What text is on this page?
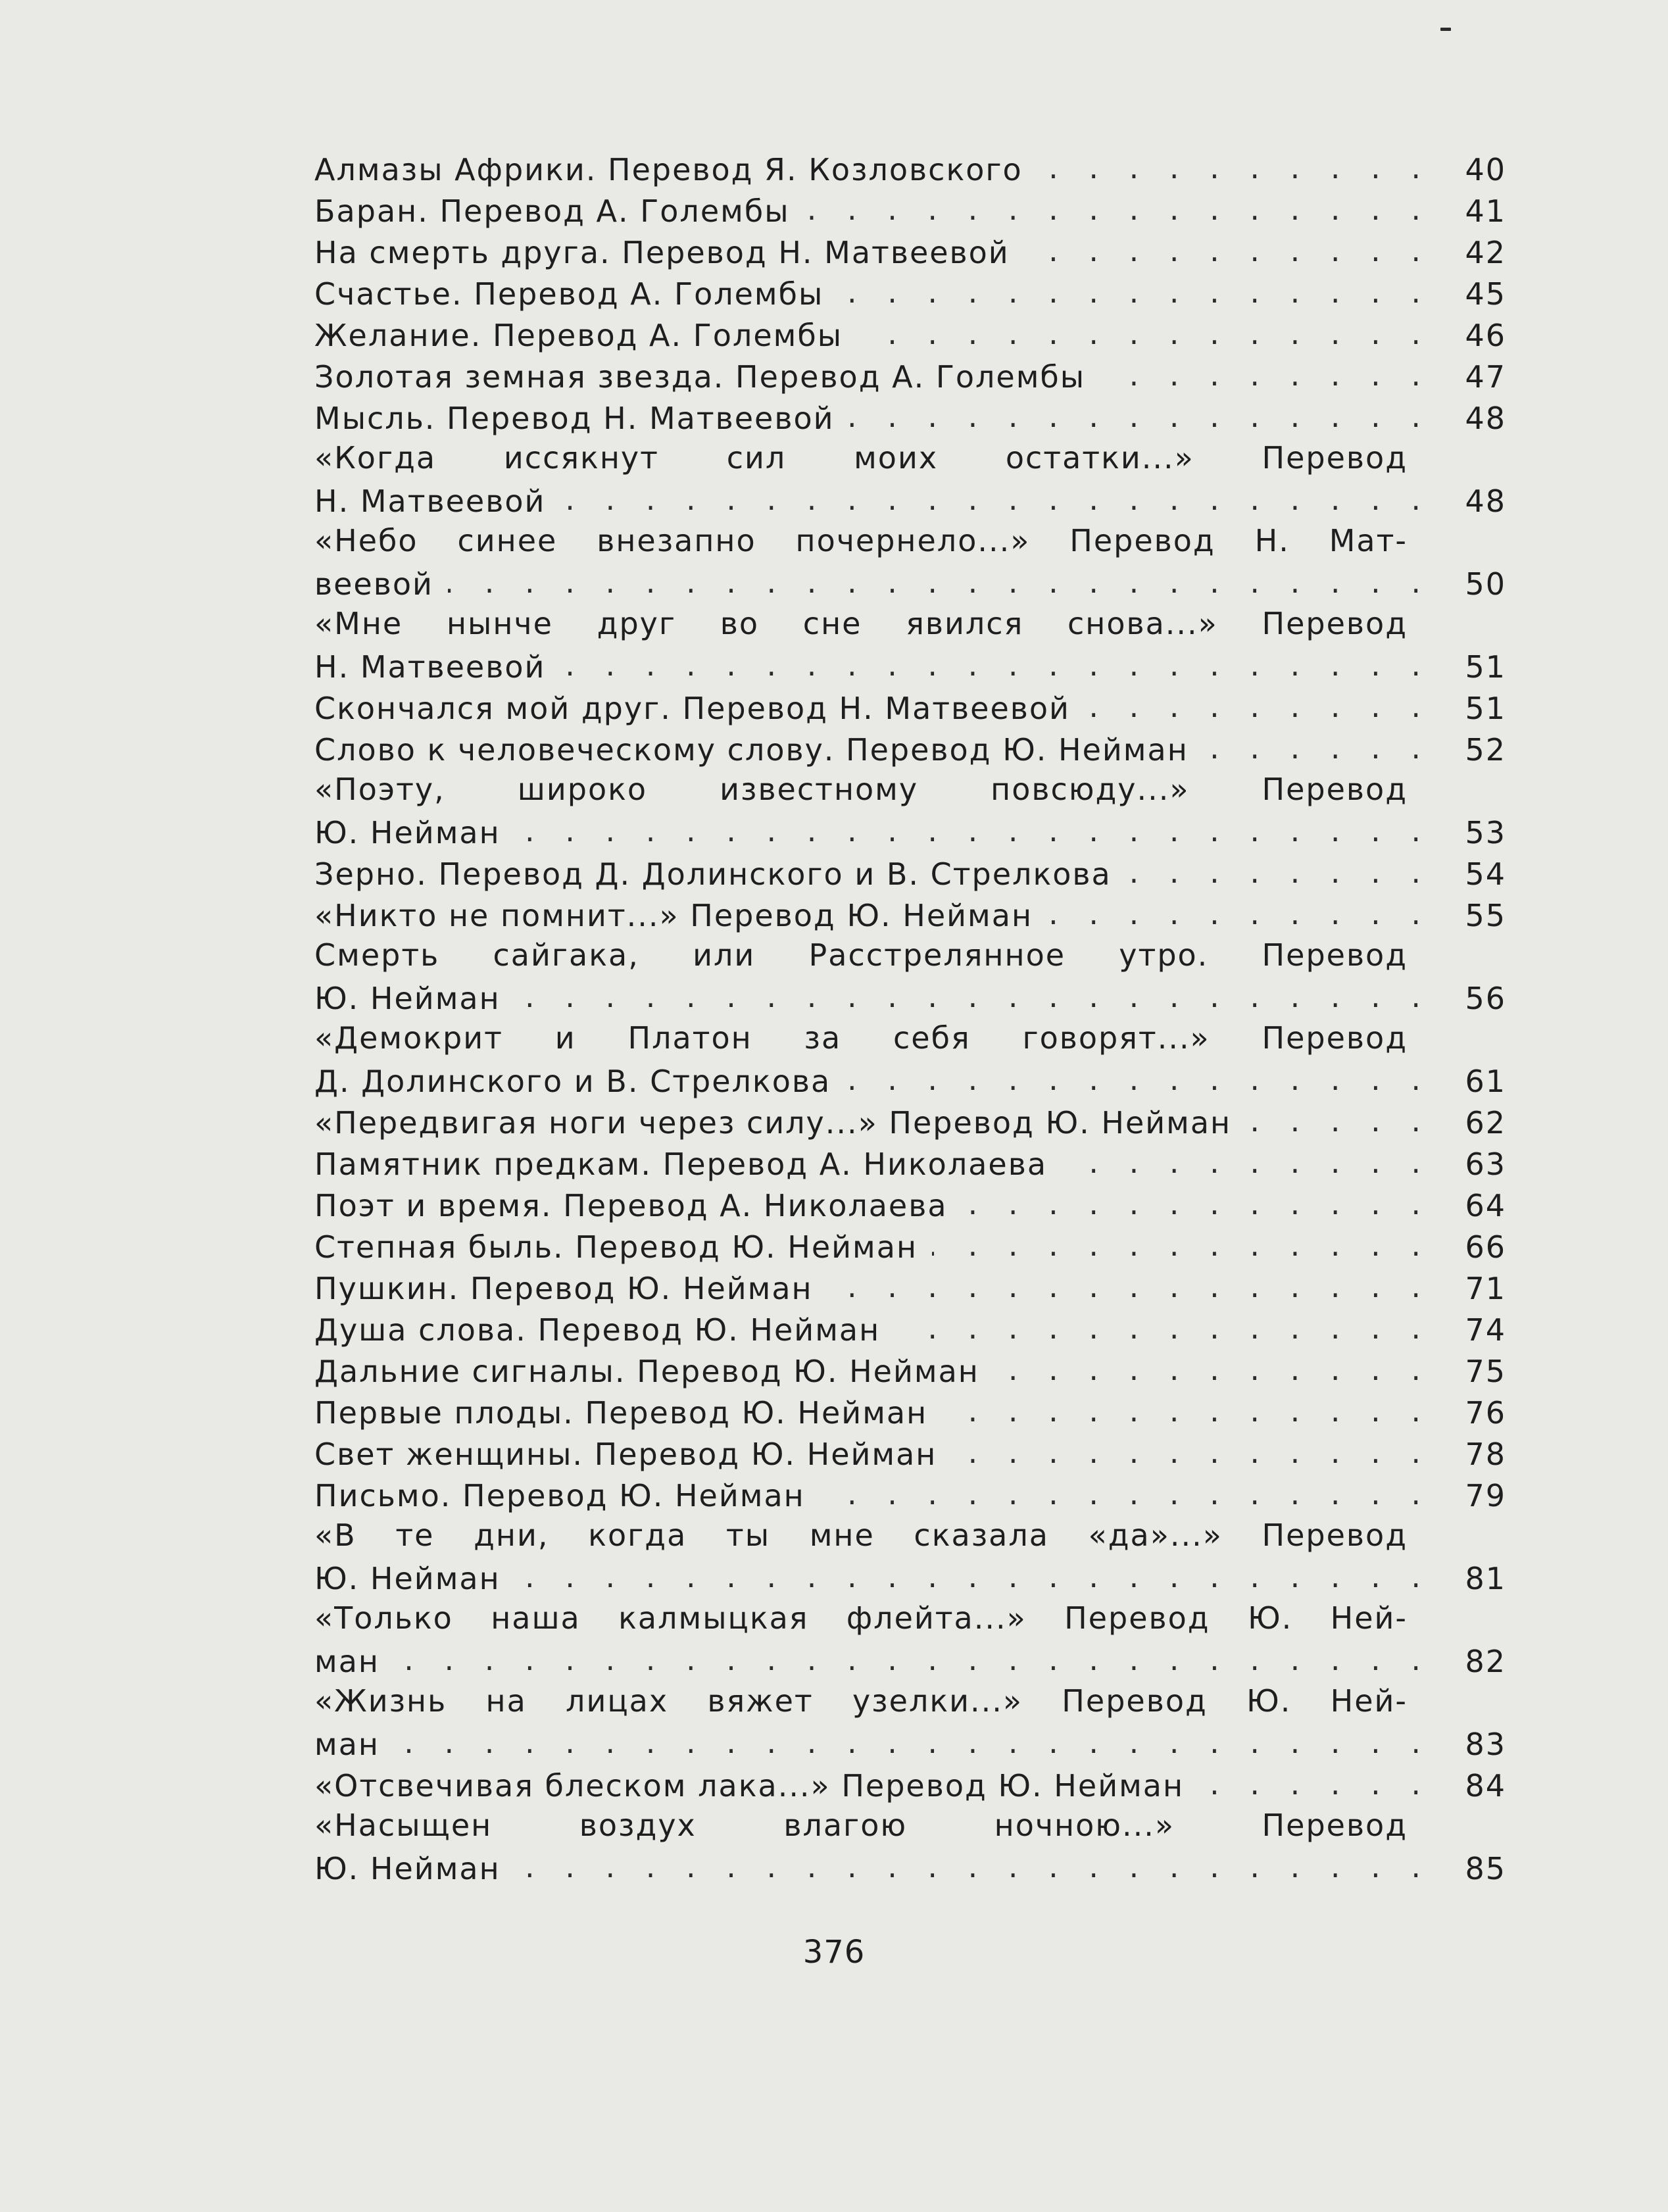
Алмазы Африки. Перевод Я. Козловского . . .	40
Баран. Перевод А. Голембы . . .	41
На смерть друга. Перевод Н. Матвеевой . . .	42
Счастье. Перевод А. Голембы . . .	45
Желание. Перевод А. Голембы . . .	46
Золотая земная звезда. Перевод А. Голембы . . .	47
Мысль. Перевод Н. Матвеевой . . .	48
«Когда иссякнут сил моих остатки...» Перевод
Н. Матвеевой . . .	48
«Небо синее внезапно почернело...» Перевод Н. Мат-
веевой . . .	50
«Мне нынче друг во сне явился снова...» Перевод
Н. Матвеевой . . .	51
Скончался мой друг. Перевод Н. Матвеевой . . .	51
Слово к человеческому слову. Перевод Ю. Нейман . . .	52
«Поэту, широко известному повсюду...» Перевод
Ю. Нейман . . .	53
Зерно. Перевод Д. Долинского и В. Стрелкова . . .	54
«Никто не помнит...» Перевод Ю. Нейман . . .	55
Смерть сайгака, или Расстрелянное утро. Перевод
Ю. Нейман . . .	56
«Демокрит и Платон за себя говорят...» Перевод
Д. Долинского и В. Стрелкова . . .	61
«Передвигая ноги через силу...» Перевод Ю. Нейман . . .	62
Памятник предкам. Перевод А. Николаева . . .	63
Поэт и время. Перевод А. Николаева . . .	64
Степная быль. Перевод Ю. Нейман . . .	66
Пушкин. Перевод Ю. Нейман . . .	71
Душа слова. Перевод Ю. Нейман . . .	74
Дальние сигналы. Перевод Ю. Нейман . . .	75
Первые плоды. Перевод Ю. Нейман . . .	76
Свет женщины. Перевод Ю. Нейман . . .	78
Письмо. Перевод Ю. Нейман . . .	79
«В те дни, когда ты мне сказала «да»...» Перевод
Ю. Нейман . . .	81
«Только наша калмыцкая флейта...» Перевод Ю. Ней-
ман . . .	82
«Жизнь на лицах вяжет узелки...» Перевод Ю. Ней-
ман . . .	83
«Отсвечивая блеском лака...» Перевод Ю. Нейман . . .	84
«Насыщен воздух влагою ночною...» Перевод
Ю. Нейман . . .	85
376
